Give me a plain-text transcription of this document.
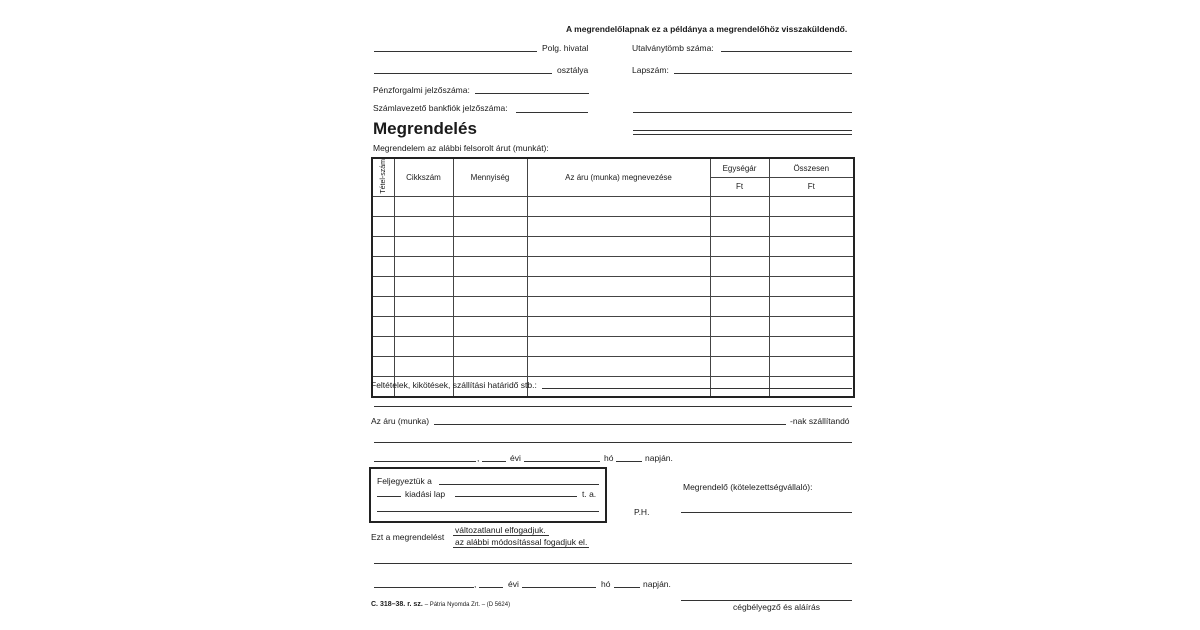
A megrendelőlapnak ez a példánya a megrendelőhöz visszaküldendő.
Polg. hivatal	Utalványtömb száma:
osztálya	Lapszám:
Pénzforgalmi jelzőszáma:
Számlavezető bankfiók jelzőszáma:
Megrendelés
Megrendelem az alábbi felsorolt árut (munkát):
Tétel-szám	Cikkszám	Mennyiség	Az áru (munka) megnevezése	Egységár	Összesen
				Ft	Ft

Feltételek, kikötések, szállítási határidő stb.:
Az áru (munka)	-nak szállítandó
,	évi	hó	napján.
Feljegyeztük a
kiadási lap	t. a.
P.H.
Megrendelő (kötelezettségvállaló):
Ezt a megrendelést
változatlanul elfogadjuk.
az alábbi módosítással fogadjuk el.
,	évi	hó	napján.
C. 318–38. r. sz. – Pátria Nyomda Zrt. – (D 5624)	cégbélyegző és aláírás
